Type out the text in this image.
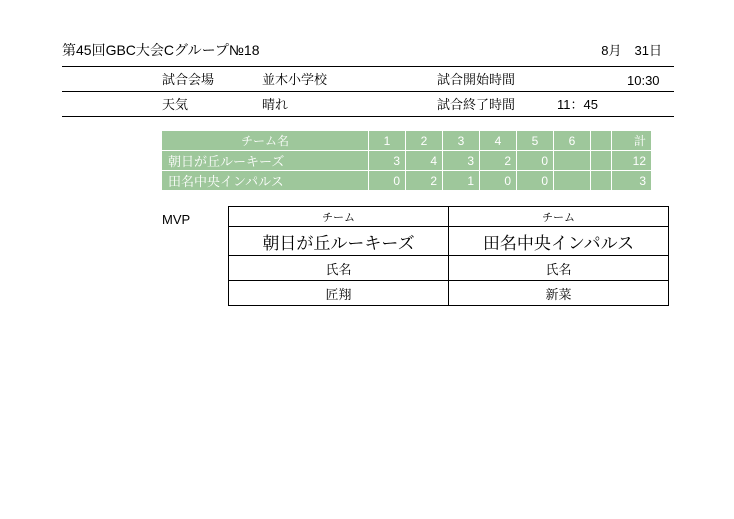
第45回GBC大会Cグループ№18	8月　31日
試合会場	並木小学校	試合開始時間	10:30
天気	晴れ	試合終了時間	11：45
チーム名	1	2	3	4	5	6		計
朝日が丘ルーキーズ	3	4	3	2	0			12
田名中央インパルス	0	2	1	0	0			3
MVP	チーム	チーム
朝日が丘ルーキーズ	田名中央インパルス
氏名	氏名
匠翔	新菜
